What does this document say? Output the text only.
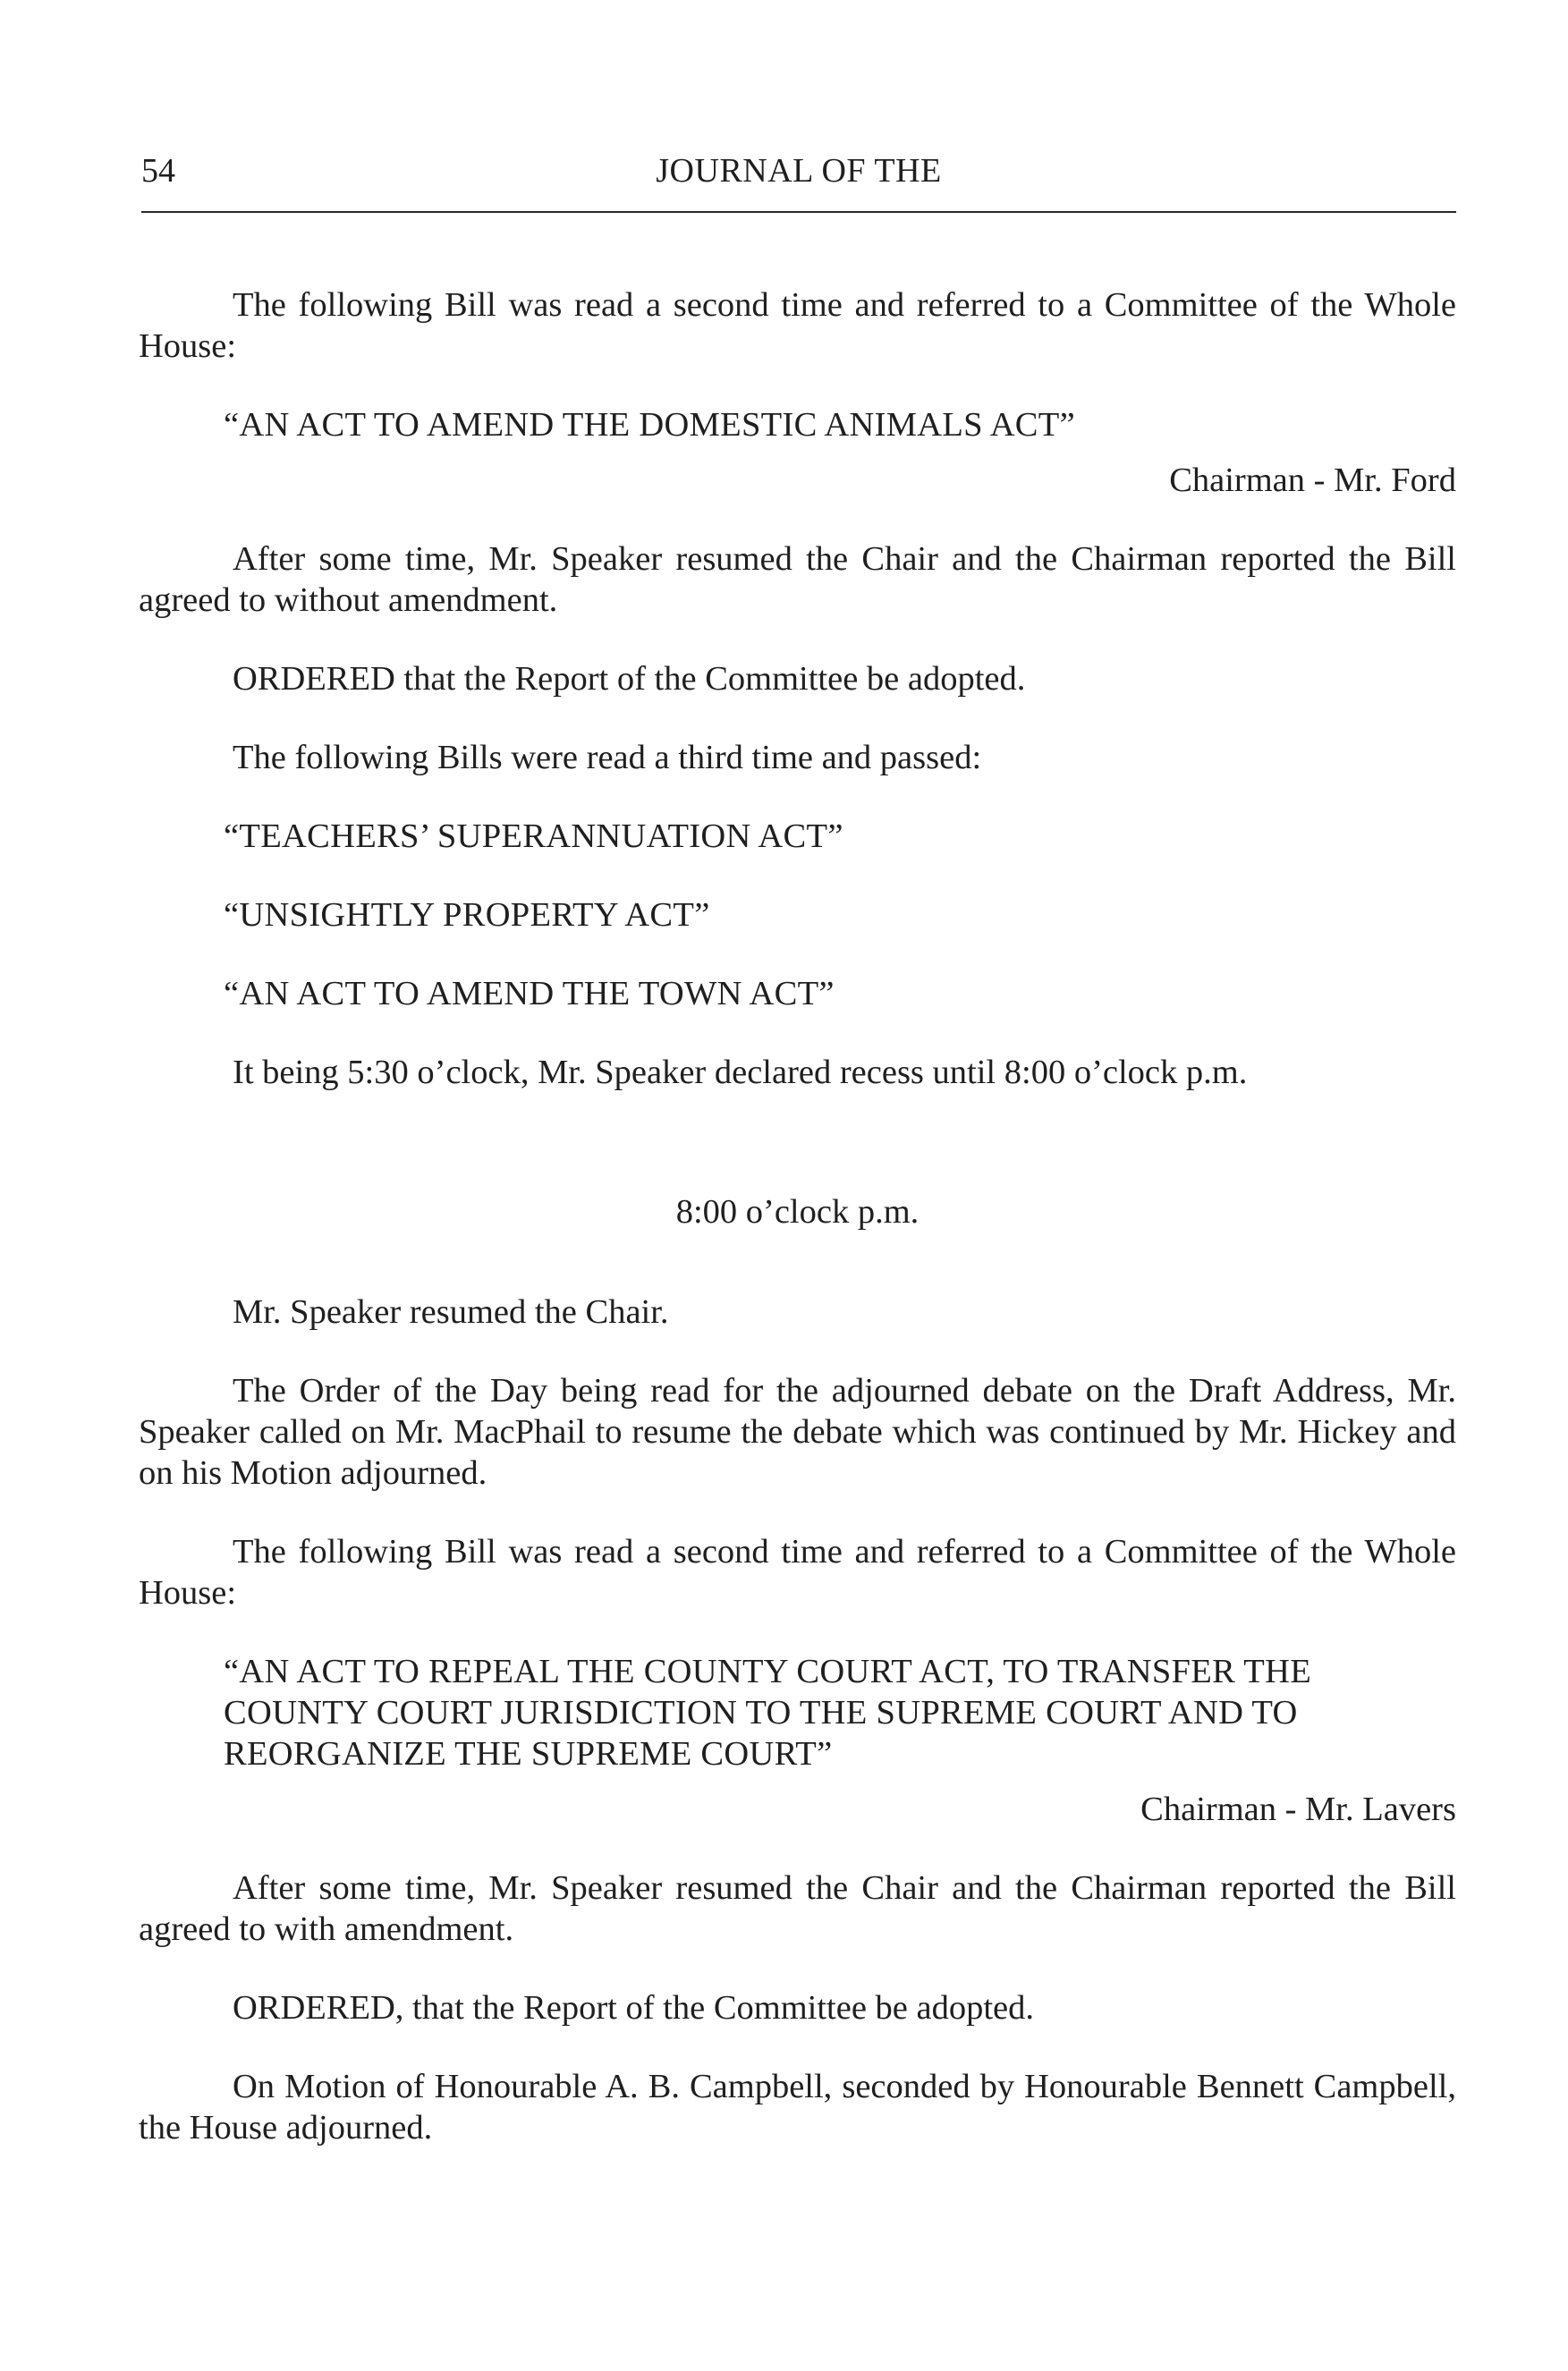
54	JOURNAL OF THE

The following Bill was read a second time and referred to a Committee of the Whole House:

“AN ACT TO AMEND THE DOMESTIC ANIMALS ACT”

Chairman - Mr. Ford

After some time, Mr. Speaker resumed the Chair and the Chairman reported the Bill agreed to without amendment.

ORDERED that the Report of the Committee be adopted.

The following Bills were read a third time and passed:

“TEACHERS’ SUPERANNUATION ACT”

“UNSIGHTLY PROPERTY ACT”

“AN ACT TO AMEND THE TOWN ACT”

It being 5:30 o’clock, Mr. Speaker declared recess until 8:00 o’clock p.m.

8:00 o’clock p.m.

Mr. Speaker resumed the Chair.

The Order of the Day being read for the adjourned debate on the Draft Address, Mr. Speaker called on Mr. MacPhail to resume the debate which was continued by Mr. Hickey and on his Motion adjourned.

The following Bill was read a second time and referred to a Committee of the Whole House:

“AN ACT TO REPEAL THE COUNTY COURT ACT, TO TRANSFER THE COUNTY COURT JURISDICTION TO THE SUPREME COURT AND TO REORGANIZE THE SUPREME COURT”

Chairman - Mr. Lavers

After some time, Mr. Speaker resumed the Chair and the Chairman reported the Bill agreed to with amendment.

ORDERED, that the Report of the Committee be adopted.

On Motion of Honourable A. B. Campbell, seconded by Honourable Bennett Campbell, the House adjourned.
